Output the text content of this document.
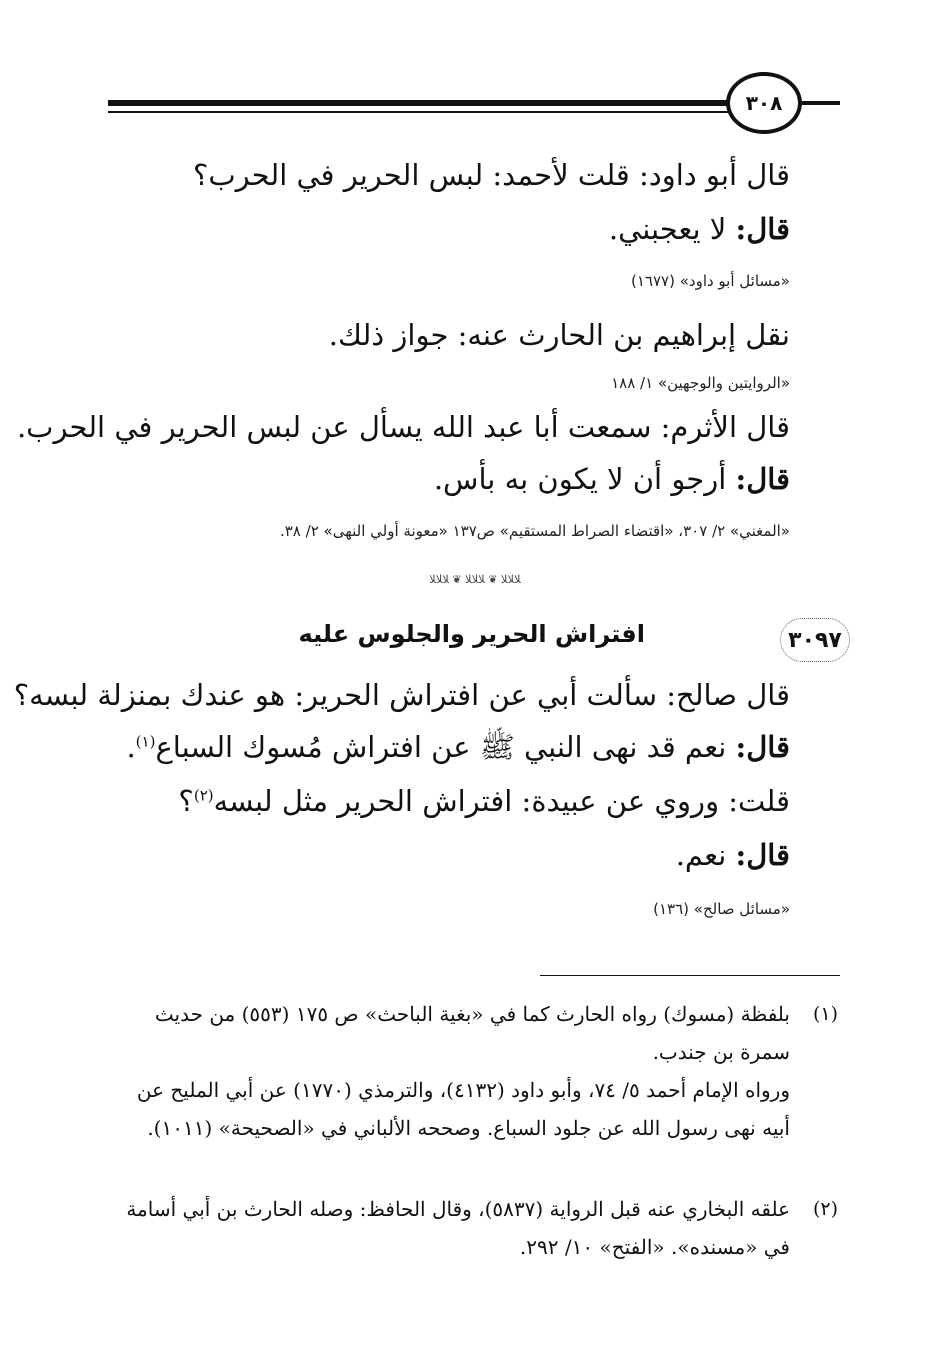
٣٠٨
قال أبو داود: قلت لأحمد: لبس الحرير في الحرب؟
قال: لا يعجبني.
«مسائل أبو داود» (١٦٧٧)
نقل إبراهيم بن الحارث عنه: جواز ذلك.
«الروايتين والوجهين» ١/ ١٨٨
قال الأثرم: سمعت أبا عبد الله يسأل عن لبس الحرير في الحرب.
قال: أرجو أن لا يكون به بأس.
«المغني» ٢/ ٣٠٧، «اقتضاء الصراط المستقيم» ص١٣٧ «معونة أولي النهى» ٢/ ٣٨.
ﻼﻼﻼ ❦ ﻼﻼﻼ ❦ ﻼﻼﻼ
٣٠٩٧
افتراش الحرير والجلوس عليه
قال صالح: سألت أبي عن افتراش الحرير: هو عندك بمنزلة لبسه؟
قال: نعم قد نهى النبي ﷺ عن افتراش مُسوك السباع$^{(١)}$.
قلت: وروي عن عبيدة: افتراش الحرير مثل لبسه$^{(٢)}$؟
قال: نعم.
«مسائل صالح» (١٣٦)
(١)
بلفظة (مسوك) رواه الحارث كما في «بغية الباحث» ص ١٧٥ (٥٥٣) من حديث سمرة بن جندب.
ورواه الإمام أحمد ٥/ ٧٤، وأبو داود (٤١٣٢)، والترمذي (١٧٧٠) عن أبي المليح عن أبيه نهى رسول الله عن جلود السباع. وصححه الألباني في «الصحيحة» (١٠١١).
(٢)
علقه البخاري عنه قبل الرواية (٥٨٣٧)، وقال الحافظ: وصله الحارث بن أبي أسامة في «مسنده». «الفتح» ١٠/ ٢٩٢.
